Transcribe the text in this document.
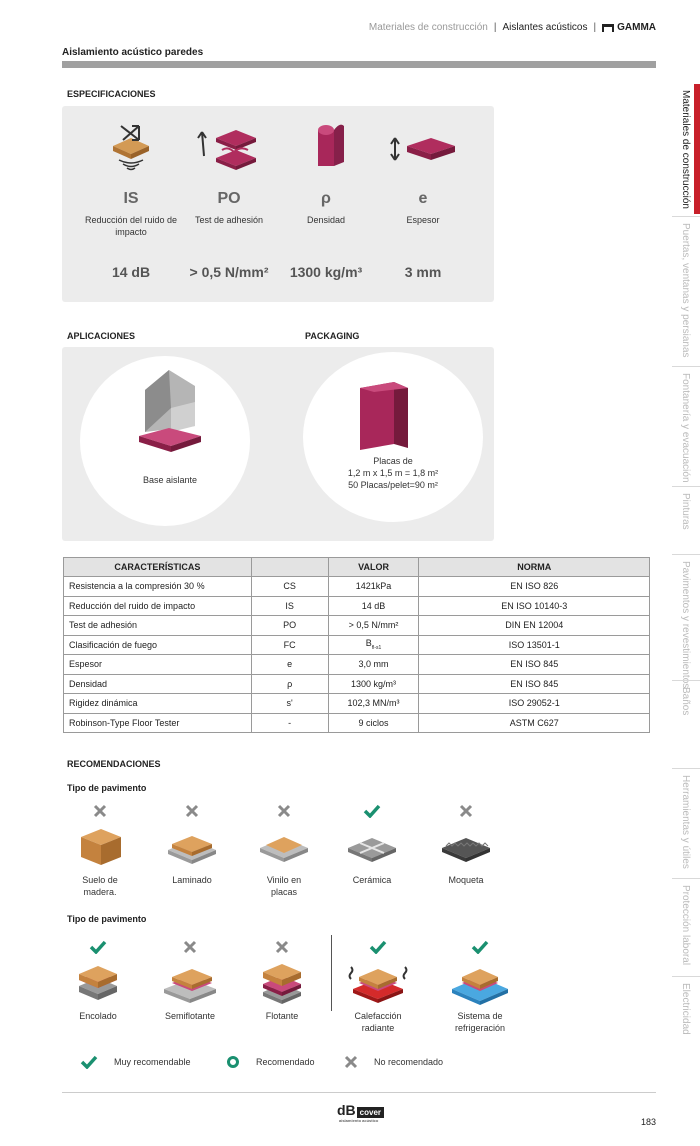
Materiales de construcción | Aislantes acústicos | GAMMA
Aislamiento acústico paredes
ESPECIFICACIONES
IS
Reducción del ruido de impacto
14 dB
PO
Test de adhesión
> 0,5 N/mm²
ρ
Densidad
1300 kg/m³
e
Espesor
3 mm
APLICACIONES	PACKAGING
Base aislante
Placas de
1,2 m x 1,5 m = 1,8 m²
50 Placas/pelet=90 m²
CARACTERÍSTICAS		VALOR	NORMA
Resistencia a la compresión 30 %	CS	1421kPa	EN ISO 826
Reducción del ruido de impacto	IS	14 dB	EN ISO 10140-3
Test de adhesión	PO	> 0,5 N/mm²	DIN EN 12004
Clasificación de fuego	FC	$B_{fl-s1}$	ISO 13501-1
Espesor	e	3,0 mm	EN ISO 845
Densidad	ρ	1300 kg/m³	EN ISO 845
Rigidez dinámica	s'	102,3 MN/m³	ISO 29052-1
Robinson-Type Floor Tester	-	9 ciclos	ASTM C627
RECOMENDACIONES
Tipo de pavimento
Suelo de madera.
Laminado	Vinilo en placas
Cerámica	Moqueta
Tipo de pavimento
Encolado	Semiflotante	Flotante	Calefacción radiante
Sistema de refrigeración
Muy recomendable	Recomendado	No recomendado
dB cover
aislamiento acústico	183
Materiales de construcción
Puertas, ventanas y persianas
Fontanería y evacuación
Pinturas
Pavimentos y revestimientos
Baños
Herramientas y útiles
Protección laboral
Electricidad
